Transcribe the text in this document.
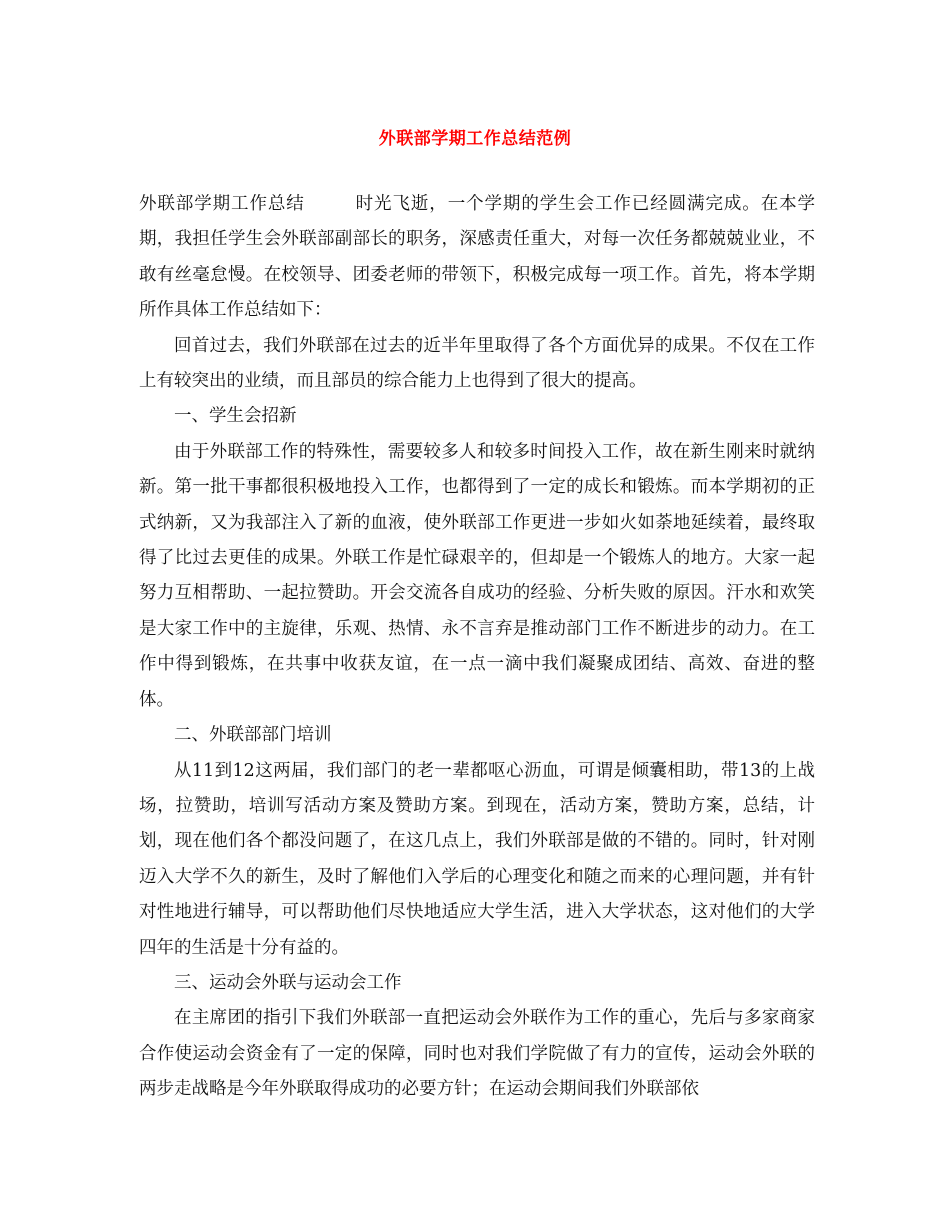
外联部学期工作总结范例

外联部学期工作总结	时光飞逝，一个学期的学生会工作已经圆满完成。在本学期，我担任学生会外联部副部长的职务，深感责任重大，对每一次任务都兢兢业业，不敢有丝毫怠慢。在校领导、团委老师的带领下，积极完成每一项工作。首先，将本学期所作具体工作总结如下：

回首过去，我们外联部在过去的近半年里取得了各个方面优异的成果。不仅在工作上有较突出的业绩，而且部员的综合能力上也得到了很大的提高。

一、学生会招新

由于外联部工作的特殊性，需要较多人和较多时间投入工作，故在新生刚来时就纳新。第一批干事都很积极地投入工作，也都得到了一定的成长和锻炼。而本学期初的正式纳新，又为我部注入了新的血液，使外联部工作更进一步如火如荼地延续着，最终取得了比过去更佳的成果。外联工作是忙碌艰辛的，但却是一个锻炼人的地方。大家一起努力互相帮助、一起拉赞助。开会交流各自成功的经验、分析失败的原因。汗水和欢笑是大家工作中的主旋律，乐观、热情、永不言弃是推动部门工作不断进步的动力。在工作中得到锻炼，在共事中收获友谊，在一点一滴中我们凝聚成团结、高效、奋进的整体。

二、外联部部门培训

从11到12这两届，我们部门的老一辈都呕心沥血，可谓是倾囊相助，带13的上战场，拉赞助，培训写活动方案及赞助方案。到现在，活动方案，赞助方案，总结，计划，现在他们各个都没问题了，在这几点上，我们外联部是做的不错的。同时，针对刚迈入大学不久的新生，及时了解他们入学后的心理变化和随之而来的心理问题，并有针对性地进行辅导，可以帮助他们尽快地适应大学生活，进入大学状态，这对他们的大学四年的生活是十分有益的。

三、运动会外联与运动会工作

在主席团的指引下我们外联部一直把运动会外联作为工作的重心，先后与多家商家合作使运动会资金有了一定的保障，同时也对我们学院做了有力的宣传，运动会外联的两步走战略是今年外联取得成功的必要方针；在运动会期间我们外联部依
